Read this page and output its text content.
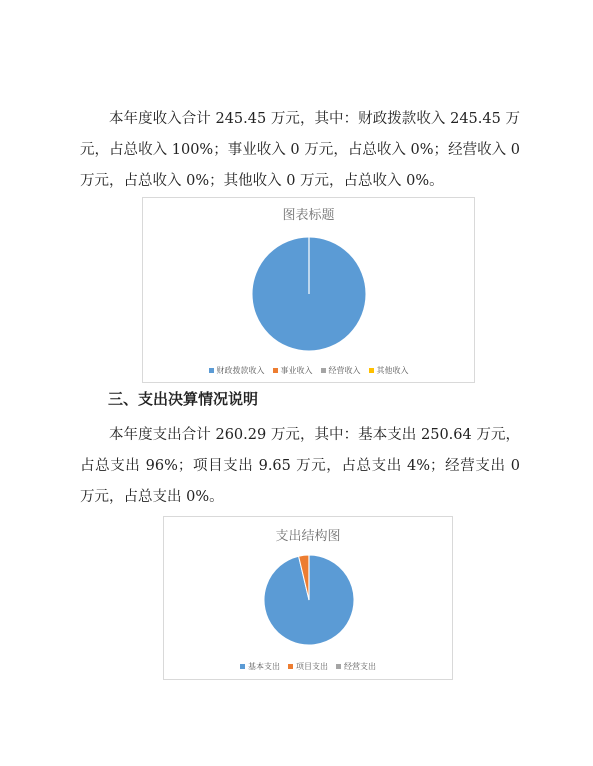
本年度收入合计 245.45 万元，其中：财政拨款收入 245.45 万元，占总收入 100%；事业收入 0 万元，占总收入 0%；经营收入 0 万元，占总收入 0%；其他收入 0 万元，占总收入 0%。

图表标题
财政拨款收入 事业收入 经营收入 其他收入

三、支出决算情况说明

本年度支出合计 260.29 万元，其中：基本支出 250.64 万元，占总支出 96%；项目支出 9.65 万元，占总支出 4%；经营支出 0 万元，占总支出 0%。

支出结构图
基本支出 项目支出 经营支出
